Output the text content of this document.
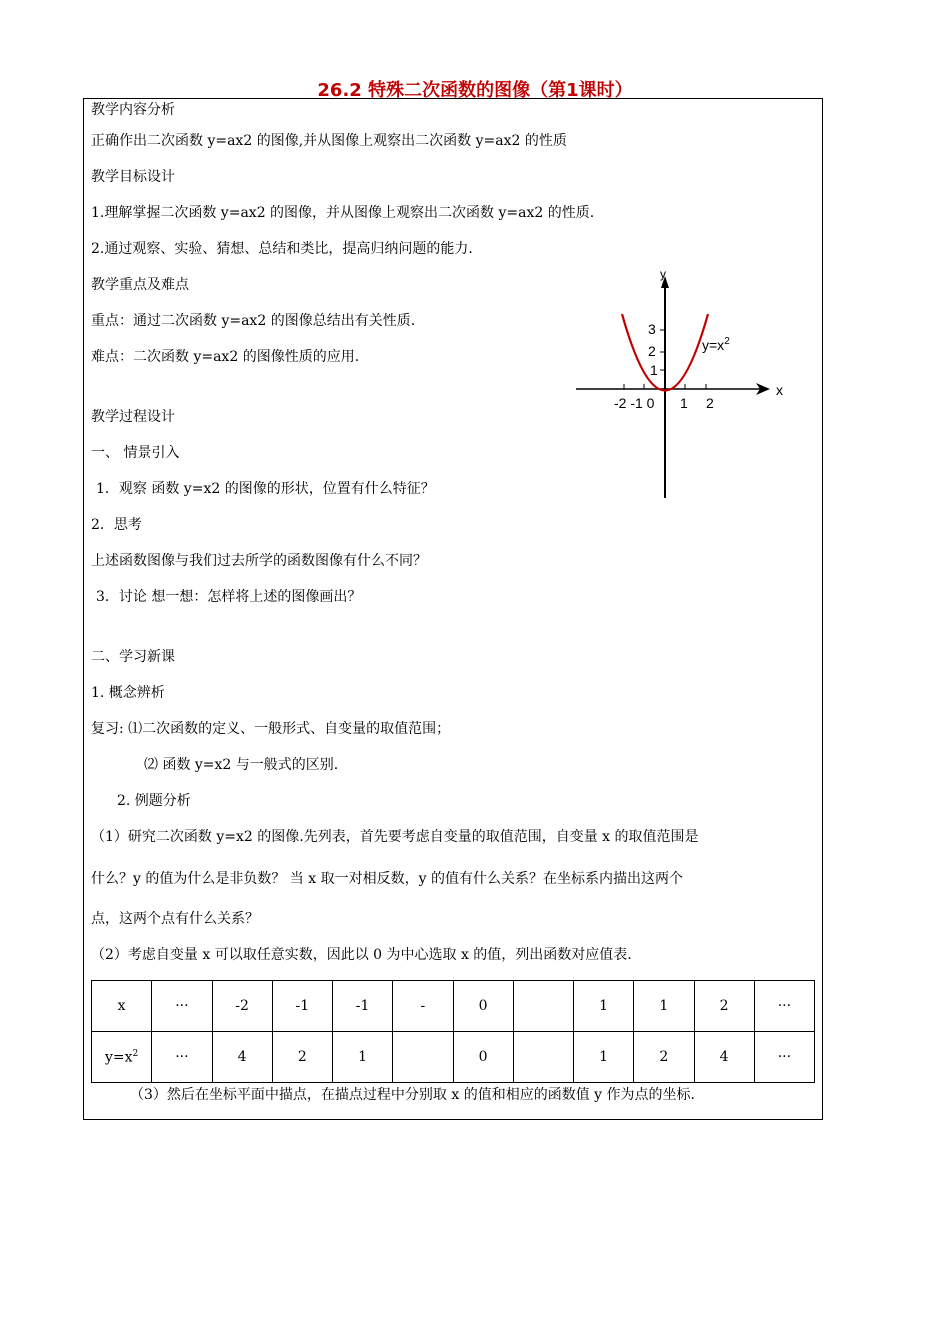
26.2 特殊二次函数的图像（第1课时）
教学内容分析
正确作出二次函数 y=ax2 的图像,并从图像上观察出二次函数 y=ax2 的性质
教学目标设计
1.理解掌握二次函数 y=ax2 的图像，并从图像上观察出二次函数 y=ax2 的性质.
2.通过观察、实验、猜想、总结和类比，提高归纳问题的能力.
教学重点及难点
重点：通过二次函数 y=ax2 的图像总结出有关性质.
难点：二次函数 y=ax2 的图像性质的应用.
教学过程设计
一、 情景引入
1．观察 函数 y=x2 的图像的形状，位置有什么特征？
2．思考
上述函数图像与我们过去所学的函数图像有什么不同？
3．讨论 想一想：怎样将上述的图像画出？
二、学习新课
1. 概念辨析
复习: ⑴二次函数的定义、一般形式、自变量的取值范围；
⑵ 函数 y=x2 与一般式的区别.
2. 例题分析
（1）研究二次函数 y=x2 的图像.先列表，首先要考虑自变量的取值范围，自变量 x 的取值范围是
什么？y 的值为什么是非负数？ 当 x 取一对相反数，y 的值有什么关系？在坐标系内描出这两个
点，这两个点有什么关系？
（2）考虑自变量 x 可以取任意实数，因此以 0 为中心选取 x 的值，列出函数对应值表.
x	···	-2	-1	-1	-	0		1	1	2	···
$y=x^2$	···	4	2	1		0		1	2	4	···
（3）然后在坐标平面中描点，在描点过程中分别取 x 的值和相应的函数值 y 作为点的坐标.
y
x
3
2
1
-2 -1 0 1 2
$y=x^2$
